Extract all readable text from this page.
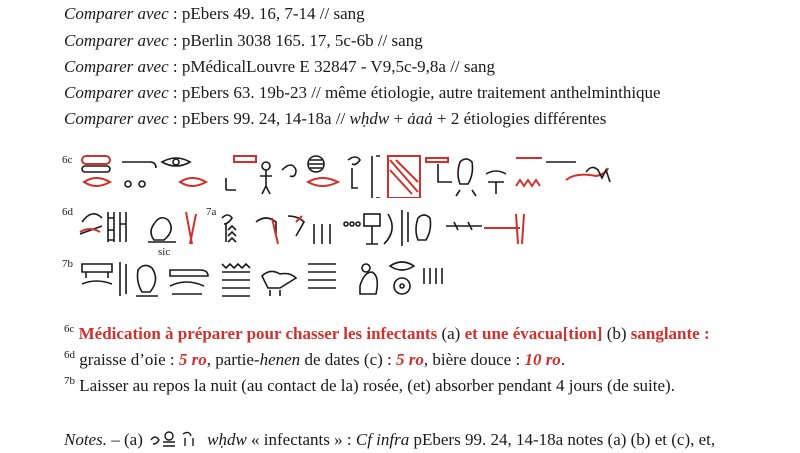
Comparer avec : pEbers 49. 16, 7-14 // sang
Comparer avec : pBerlin 3038 165. 17, 5c-6b // sang
Comparer avec : pMédicalLouvre E 32847 - V9,5c-9,8a // sang
Comparer avec : pEbers 63. 19b-23 // même étiologie, autre traitement anthelminthique
Comparer avec : pEbers 99. 24, 14-18a // wḥdw + ȧaȧ + 2 étiologies différentes
6c
6d	7a
7b
sic
$^{6c}$ Médication à préparer pour chasser les infectants (a) et une évacua[tion] (b) sanglante :
$^{6d}$ graisse d’oie : 5 ro, partie-henen de dates (c) : 5 ro, bière douce : 10 ro.
$^{7b}$ Laisser au repos la nuit (au contact de la) rosée, (et) absorber pendant 4 jours (de suite).
Notes. – (a)	wḥdw « infectants » : Cf infra pEbers 99. 24, 14-18a notes (a) (b) et (c), et,
